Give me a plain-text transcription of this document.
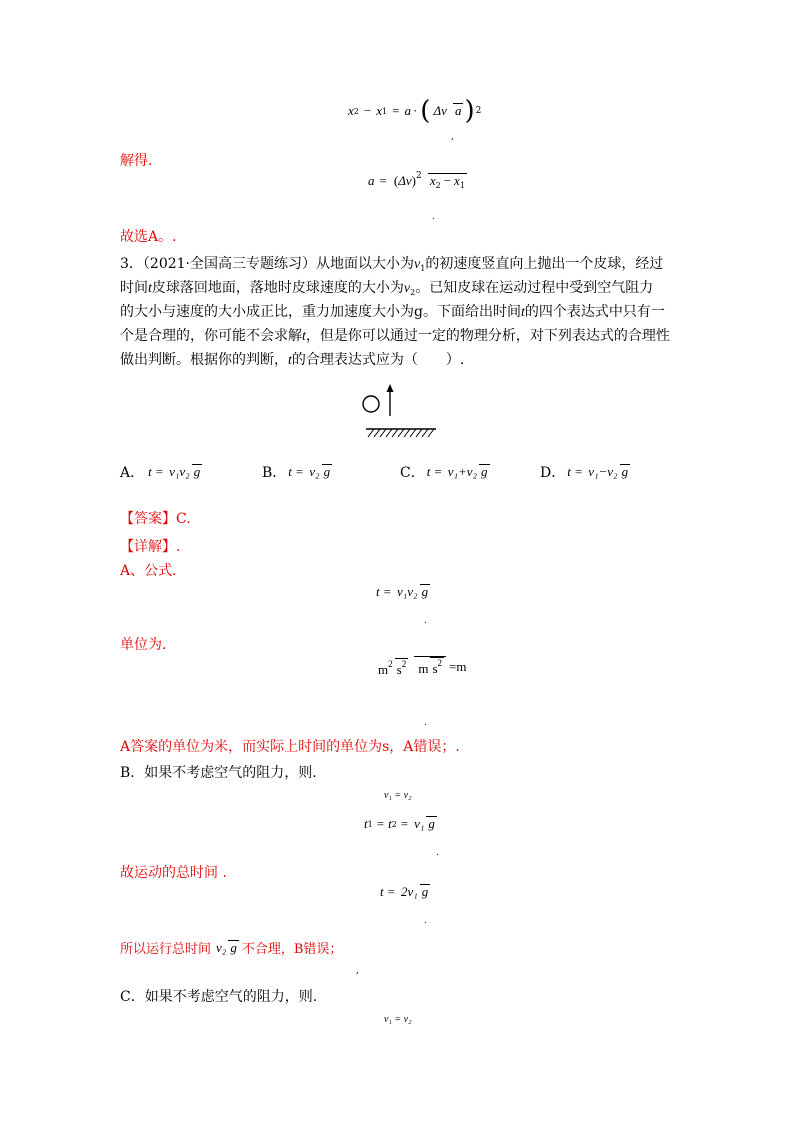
x 2 − x 1 = a · ( Δv a ) 2
,
解得.
a = (Δv)2 x2 − x1
.
故选A。.
3．（2021·全国高三专题练习）从地面以大小为$v_1$的初速度竖直向上抛出一个皮球，经过
时间t皮球落回地面，落地时皮球速度的大小为$v_2$。已知皮球在运动过程中受到空气阻力
的大小与速度的大小成正比，重力加速度大小为g。下面给出时间t的四个表达式中只有一
个是合理的，你可能不会求解t，但是你可以通过一定的物理分析，对下列表达式的合理性
做出判断。根据你的判断，t的合理表达式应为（　　）.
A． t = v₁v₂ g	B． t = v₂ g	C． t = v₁+v₂ g	D． t = v₁−v₂ g
【答案】C.
【详解】.
A、公式.
t = v₁v₂ g
.
单位为.
m2 s2 m s2 =m
.
A答案的单位为米，而实际上时间的单位为s，A错误；.
B．如果不考虑空气的阻力，则.
v₁ = v₂
t 1 = t 2 = v₁ g
.
故运动的总时间 .
t = 2v₁ g
.
所以运行总时间 v₂ g 不合理，B错误；
,
C．如果不考虑空气的阻力，则.
v₁ = v₂
